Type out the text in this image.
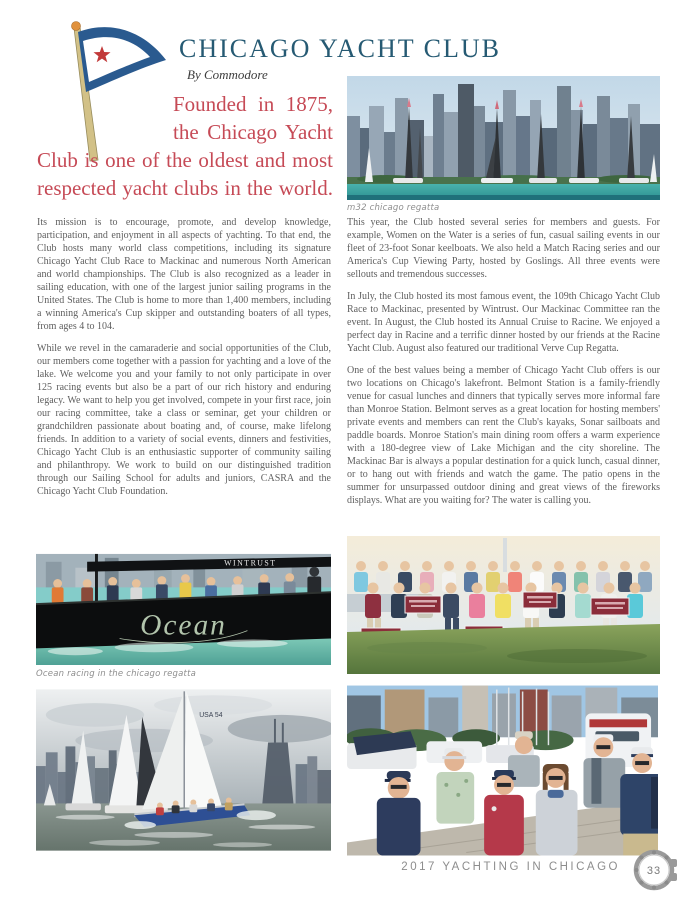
CHICAGO YACHT CLUB
By Commodore
Founded in 1875,
the Chicago Yacht
Club is one of the oldest and most
respected yacht clubs in the world.

Its mission is to encourage, promote, and develop knowledge, participation, and enjoyment in all aspects of yachting. To that end, the Club hosts many world class competitions, including its signature Chicago Yacht Club Race to Mackinac and numerous North American and world championships. The Club is also recognized as a leader in sailing education, with one of the largest junior sailing programs in the United States. The Club is home to more than 1,400 members, including a winning America's Cup skipper and outstanding boaters of all types, from ages 4 to 104.

While we revel in the camaraderie and social opportunities of the Club, our members come together with a passion for yachting and a love of the lake. We welcome you and your family to not only participate in over 125 racing events but also be a part of our rich history and enduring legacy. We want to help you get involved, compete in your first race, join our racing committee, take a class or seminar, get your children or grandchildren passionate about boating and, of course, make lifelong friends. In addition to a variety of social events, dinners and festivities, Chicago Yacht Club is an enthusiastic supporter of community sailing and philanthropy. We work to build on our distinguished tradition through our Sailing School for adults and juniors, CASRA and the Chicago Yacht Club Foundation.

This year, the Club hosted several series for members and guests. For example, Women on the Water is a series of fun, casual sailing events in our fleet of 23-foot Sonar keelboats. We also held a Match Racing series and our America's Cup Viewing Party, hosted by Goslings. All three events were sellouts and tremendous successes.

In July, the Club hosted its most famous event, the 109th Chicago Yacht Club Race to Mackinac, presented by Wintrust. Our Mackinac Committee ran the event. In August, the Club hosted its Annual Cruise to Racine. We enjoyed a perfect day in Racine and a terrific dinner hosted by our friends at the Racine Yacht Club. August also featured our traditional Verve Cup Regatta.

One of the best values being a member of Chicago Yacht Club offers is our two locations on Chicago's lakefront. Belmont Station is a family-friendly venue for casual lunches and dinners that typically serves more informal fare than Monroe Station. Belmont serves as a great location for hosting members' private events and members can rent the Club's kayaks, Sonar sailboats and paddle boards. Monroe Station's main dining room offers a warm experience with a 180-degree view of Lake Michigan and the city shoreline. The Mackinac Bar is always a popular destination for a quick lunch, casual dinner, or to hang out with friends and watch the game. The patio opens in the summer for unsurpassed outdoor dining and great views of the fireworks displays. What are you waiting for? The water is calling you.

m32 chicago regatta
WINTRUST
Ocean
Ocean racing in the chicago regatta
USA 54
2017 YACHTING IN CHICAGO 33
